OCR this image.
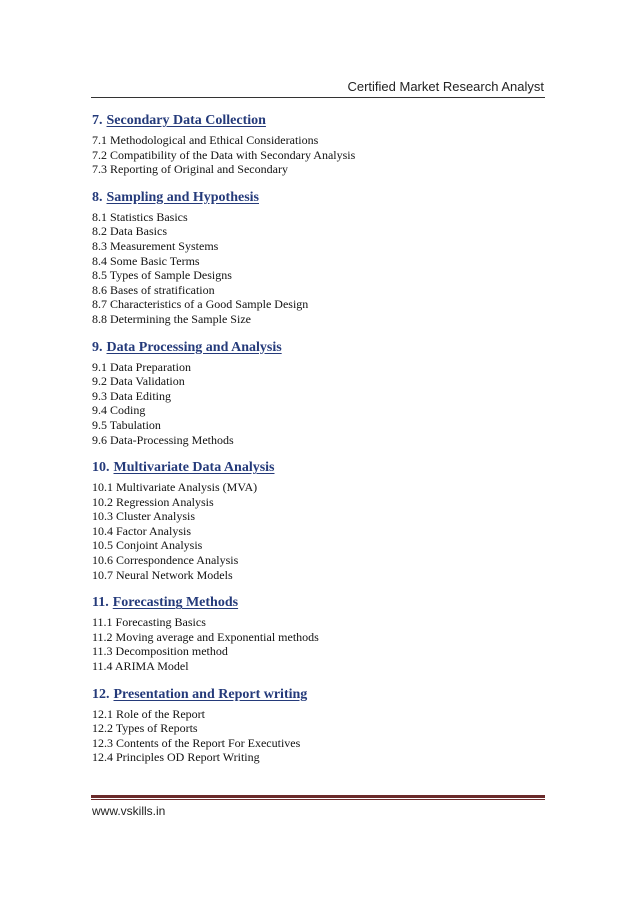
Certified Market Research Analyst
7. Secondary Data Collection
7.1 Methodological and Ethical Considerations
7.2 Compatibility of the Data with Secondary Analysis
7.3 Reporting of Original and Secondary
8. Sampling and Hypothesis
8.1 Statistics Basics
8.2 Data Basics
8.3 Measurement Systems
8.4 Some Basic Terms
8.5 Types of Sample Designs
8.6 Bases of stratification
8.7 Characteristics of a Good Sample Design
8.8 Determining the Sample Size
9. Data Processing and Analysis
9.1 Data Preparation
9.2 Data Validation
9.3 Data Editing
9.4 Coding
9.5 Tabulation
9.6 Data-Processing Methods
10. Multivariate Data Analysis
10.1 Multivariate Analysis (MVA)
10.2 Regression Analysis
10.3 Cluster Analysis
10.4 Factor Analysis
10.5 Conjoint Analysis
10.6 Correspondence Analysis
10.7 Neural Network Models
11. Forecasting Methods
11.1 Forecasting Basics
11.2 Moving average and Exponential methods
11.3 Decomposition method
11.4 ARIMA Model
12. Presentation and Report writing
12.1 Role of the Report
12.2 Types of Reports
12.3 Contents of the Report For Executives
12.4 Principles OD Report Writing
www.vskills.in
